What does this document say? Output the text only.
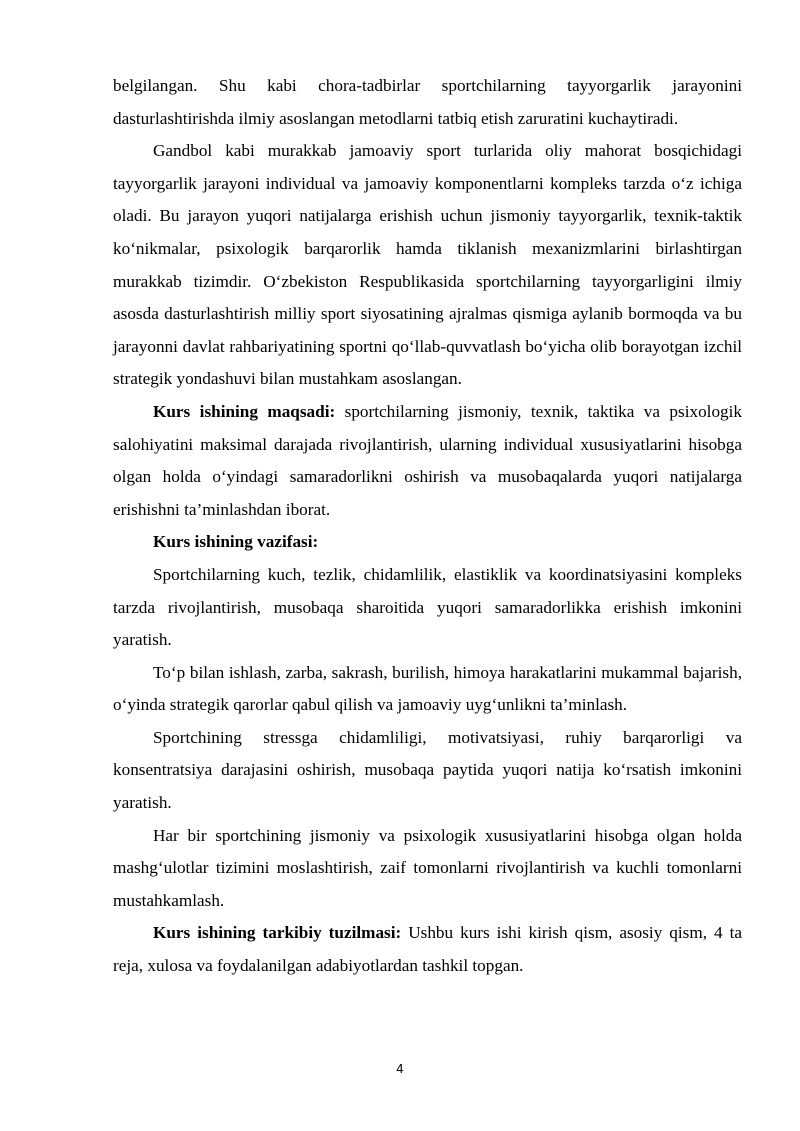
belgilangan. Shu kabi chora-tadbirlar sportchilarning tayyorgarlik jarayonini dasturlashtirishda ilmiy asoslangan metodlarni tatbiq etish zaruratini kuchaytiradi.

Gandbol kabi murakkab jamoaviy sport turlarida oliy mahorat bosqichidagi tayyorgarlik jarayoni individual va jamoaviy komponentlarni kompleks tarzda o‘z ichiga oladi. Bu jarayon yuqori natijalarga erishish uchun jismoniy tayyorgarlik, texnik-taktik ko‘nikmalar, psixologik barqarorlik hamda tiklanish mexanizmlarini birlashtirgan murakkab tizimdir. O‘zbekiston Respublikasida sportchilarning tayyorgarligini ilmiy asosda dasturlashtirish milliy sport siyosatining ajralmas qismiga aylanib bormoqda va bu jarayonni davlat rahbariyatining sportni qo‘llab-quvvatlash bo‘yicha olib borayotgan izchil strategik yondashuvi bilan mustahkam asoslangan.

Kurs ishining maqsadi: sportchilarning jismoniy, texnik, taktika va psixologik salohiyatini maksimal darajada rivojlantirish, ularning individual xususiyatlarini hisobga olgan holda o‘yindagi samaradorlikni oshirish va musobaqalarda yuqori natijalarga erishishni ta’minlashdan iborat.

Kurs ishining vazifasi:

Sportchilarning kuch, tezlik, chidamlilik, elastiklik va koordinatsiyasini kompleks tarzda rivojlantirish, musobaqa sharoitida yuqori samaradorlikka erishish imkonini yaratish.

To‘p bilan ishlash, zarba, sakrash, burilish, himoya harakatlarini mukammal bajarish, o‘yinda strategik qarorlar qabul qilish va jamoaviy uyg‘unlikni ta’minlash.

Sportchining stressga chidamliligi, motivatsiyasi, ruhiy barqarorligi va konsentratsiya darajasini oshirish, musobaqa paytida yuqori natija ko‘rsatish imkonini yaratish.

Har bir sportchining jismoniy va psixologik xususiyatlarini hisobga olgan holda mashg‘ulotlar tizimini moslashtirish, zaif tomonlarni rivojlantirish va kuchli tomonlarni mustahkamlash.

Kurs ishining tarkibiy tuzilmasi: Ushbu kurs ishi kirish qism, asosiy qism, 4 ta reja, xulosa va foydalanilgan adabiyotlardan tashkil topgan.

4
